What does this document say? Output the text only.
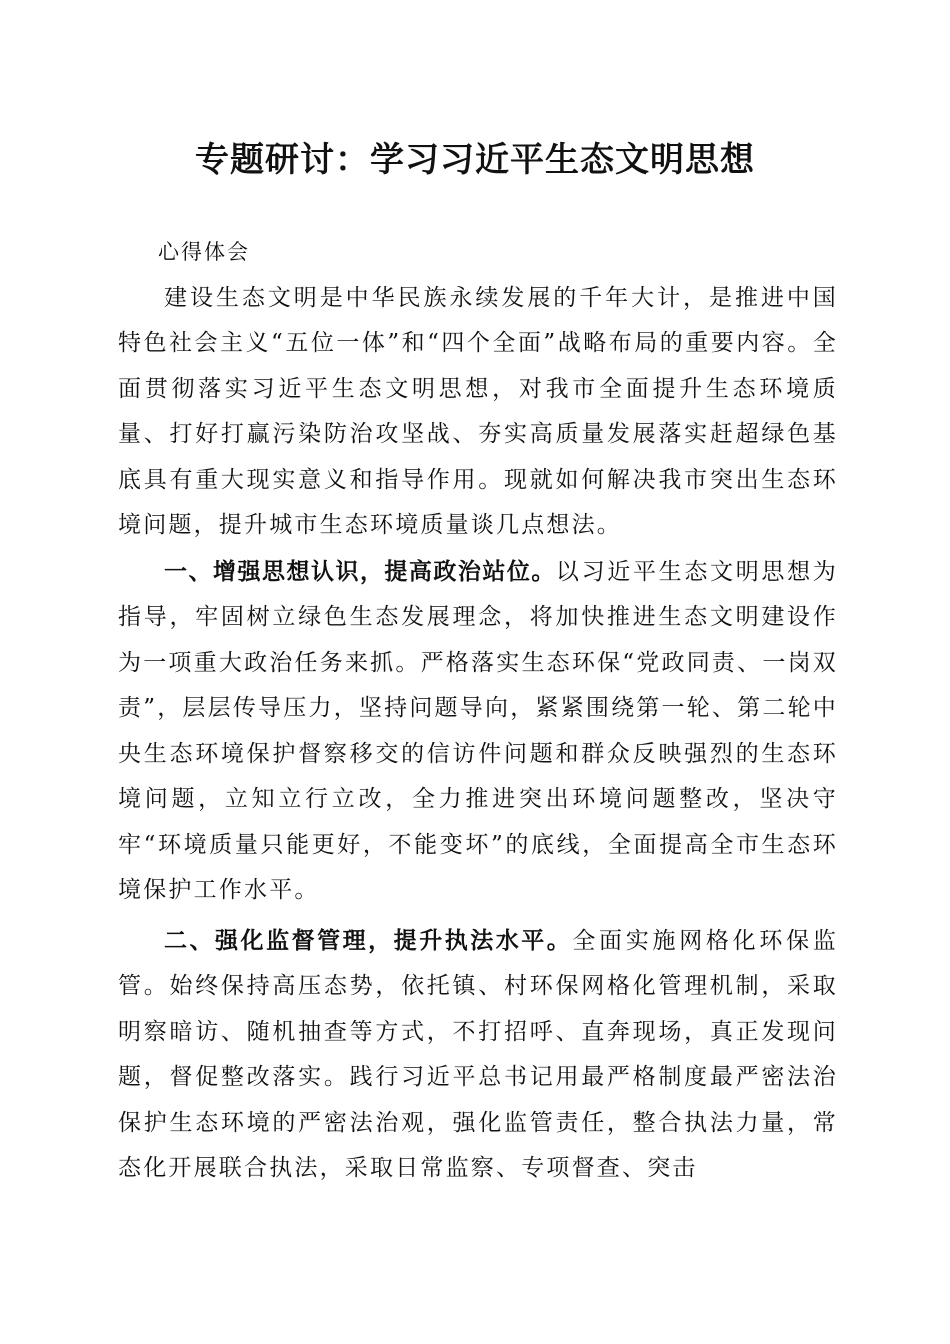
专题研讨：学习习近平生态文明思想

心得体会

建设生态文明是中华民族永续发展的千年大计，是推进中国特色社会主义“五位一体”和“四个全面”战略布局的重要内容。全面贯彻落实习近平生态文明思想，对我市全面提升生态环境质量、打好打赢污染防治攻坚战、夯实高质量发展落实赶超绿色基底具有重大现实意义和指导作用。现就如何解决我市突出生态环境问题，提升城市生态环境质量谈几点想法。

一、增强思想认识，提高政治站位。以习近平生态文明思想为指导，牢固树立绿色生态发展理念，将加快推进生态文明建设作为一项重大政治任务来抓。严格落实生态环保“党政同责、一岗双责”，层层传导压力，坚持问题导向，紧紧围绕第一轮、第二轮中央生态环境保护督察移交的信访件问题和群众反映强烈的生态环境问题，立知立行立改，全力推进突出环境问题整改，坚决守牢“环境质量只能更好，不能变坏”的底线，全面提高全市生态环境保护工作水平。

二、强化监督管理，提升执法水平。全面实施网格化环保监管。始终保持高压态势，依托镇、村环保网格化管理机制，采取明察暗访、随机抽查等方式，不打招呼、直奔现场，真正发现问题，督促整改落实。践行习近平总书记用最严格制度最严密法治保护生态环境的严密法治观，强化监管责任，整合执法力量，常态化开展联合执法，采取日常监察、专项督查、突击
